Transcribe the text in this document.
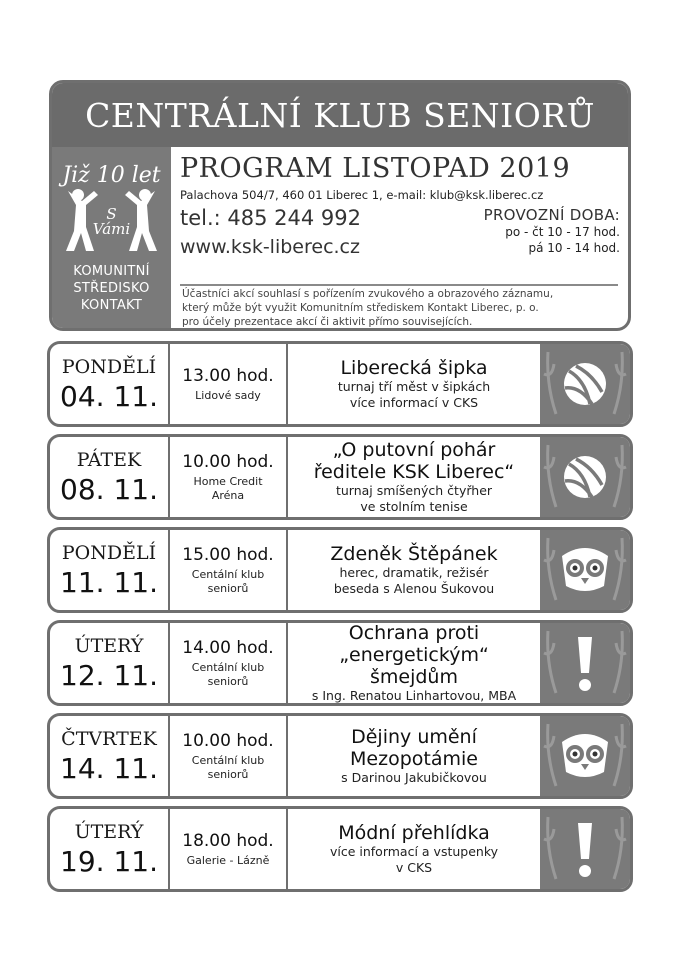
CENTRÁLNÍ KLUB SENIORŮ
Již 10 let
S
Vámi
KOMUNITNÍ
STŘEDISKO
KONTAKT
PROGRAM LISTOPAD 2019
Palachova 504/7, 460 01 Liberec 1, e-mail: klub@ksk.liberec.cz
tel.: 485 244 992
www.ksk-liberec.cz
PROVOZNÍ DOBA:
po - čt 10 - 17 hod.
pá 10 - 14 hod.
Účastníci akcí souhlasí s pořízením zvukového a obrazového záznamu,
který může být využit Komunitním střediskem Kontakt Liberec, p. o.
pro účely prezentace akcí či aktivit přímo souvisejících.
PONDĚLÍ
04. 11.
13.00 hod.
Lidové sady
Liberecká šipka
turnaj tří měst v šipkách
více informací v CKS
PÁTEK
08. 11.
10.00 hod.
Home Credit
Aréna
„O putovní pohár
ředitele KSK Liberec“
turnaj smíšených čtyřher
ve stolním tenise
PONDĚLÍ
11. 11.
15.00 hod.
Centální klub
seniorů
Zdeněk Štěpánek
herec, dramatik, režisér
beseda s Alenou Šukovou
ÚTERÝ
12. 11.
14.00 hod.
Centální klub
seniorů
Ochrana proti
„energetickým“
šmejdům
s Ing. Renatou Linhartovou, MBA
ČTVRTEK
14. 11.
10.00 hod.
Centální klub
seniorů
Dějiny umění
Mezopotámie
s Darinou Jakubičkovou
ÚTERÝ
19. 11.
18.00 hod.
Galerie - Lázně
Módní přehlídka
více informací a vstupenky
v CKS
